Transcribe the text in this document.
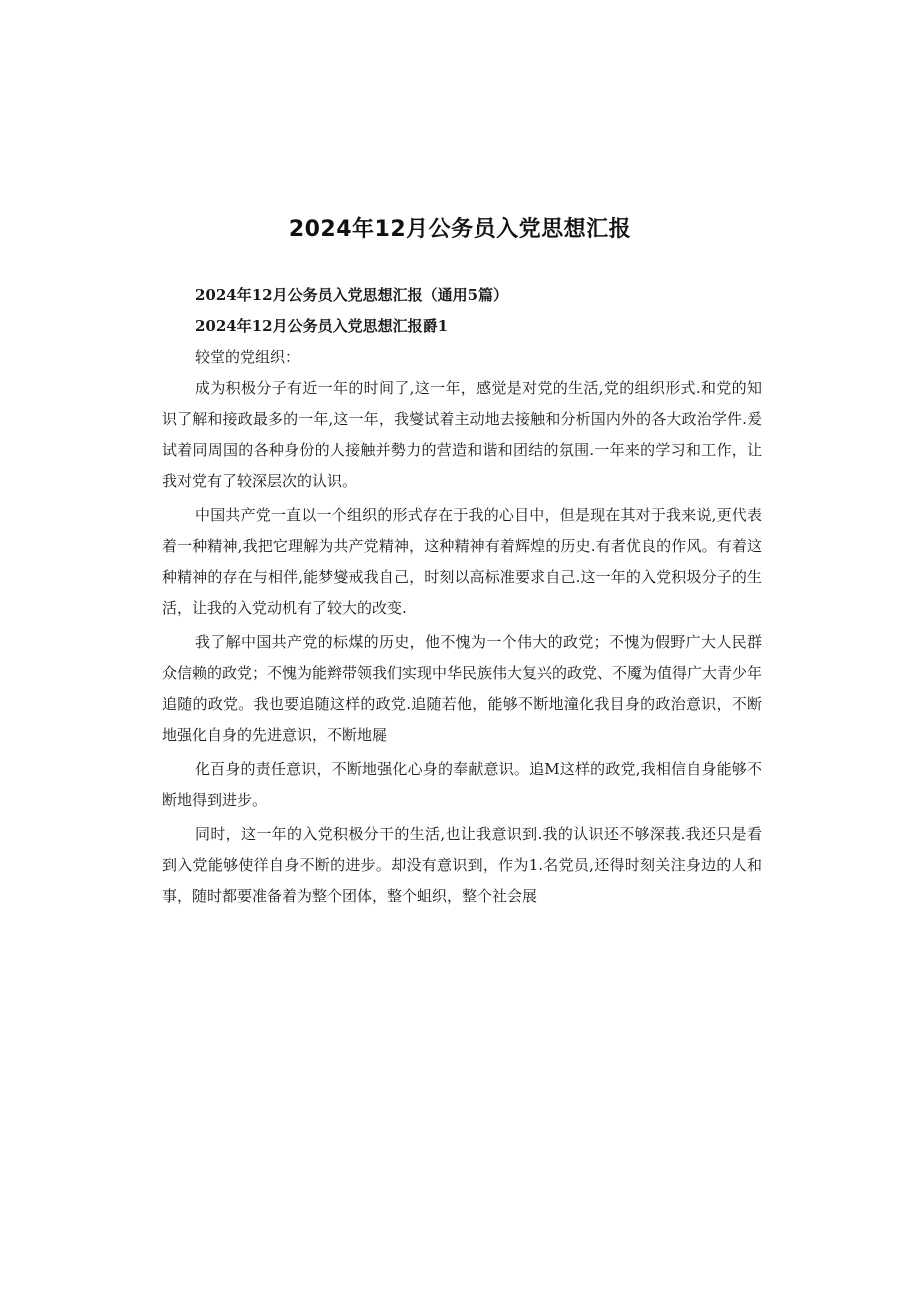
2024年12月公务员入党思想汇报

2024年12月公务员入党思想汇报（通用5篇）

2024年12月公务员入党思想汇报爵1

较堂的党组织：

成为积极分子有近一年的时间了,这一年，感觉是对党的生活,党的组织形式.和党的知识了解和接政最多的一年,这一年，我燮试着主动地去接触和分析国内外的各大政治学件.爰试着同周国的各种身份的人接触并勢力的营造和谐和团结的氛围.一年来的学习和工作，让我对党有了较深层次的认识。

中国共产党一直以一个组织的形式存在于我的心目中，但是现在其对于我来说,更代表着一种精神,我把它理解为共产党精神，这种精神有着辉煌的历史.有者优良的作风。有着这种精神的存在与相伴,能梦燮戒我自己，时刻以高标准要求自己.这一年的入党积圾分子的生活，让我的入党动机有了较大的改变.

我了解中国共产党的标煤的历史，他不愧为一个伟大的政党；不愧为假野广大人民群众信赖的政党；不愧为能辫带领我们实现中华民族伟大复兴的政党、不魇为值得广大青少年追随的政党。我也要追随这样的政党.追随若他，能够不断地潼化我目身的政治意识，不断地强化自身的先进意识，不断地屣

化百身的责任意识，不断地强化心身的奉献意识。追M这样的政党,我相信自身能够不断地得到进步。

同时，这一年的入党积极分干的生活,也让我意识到.我的认识还不够深莪.我还只是看到入党能够使徉自身不断的进步。却没有意识到，作为1.名党员,还得时刻关注身边的人和事，随时都要准备着为整个团体，整个蛆织，整个社会展
